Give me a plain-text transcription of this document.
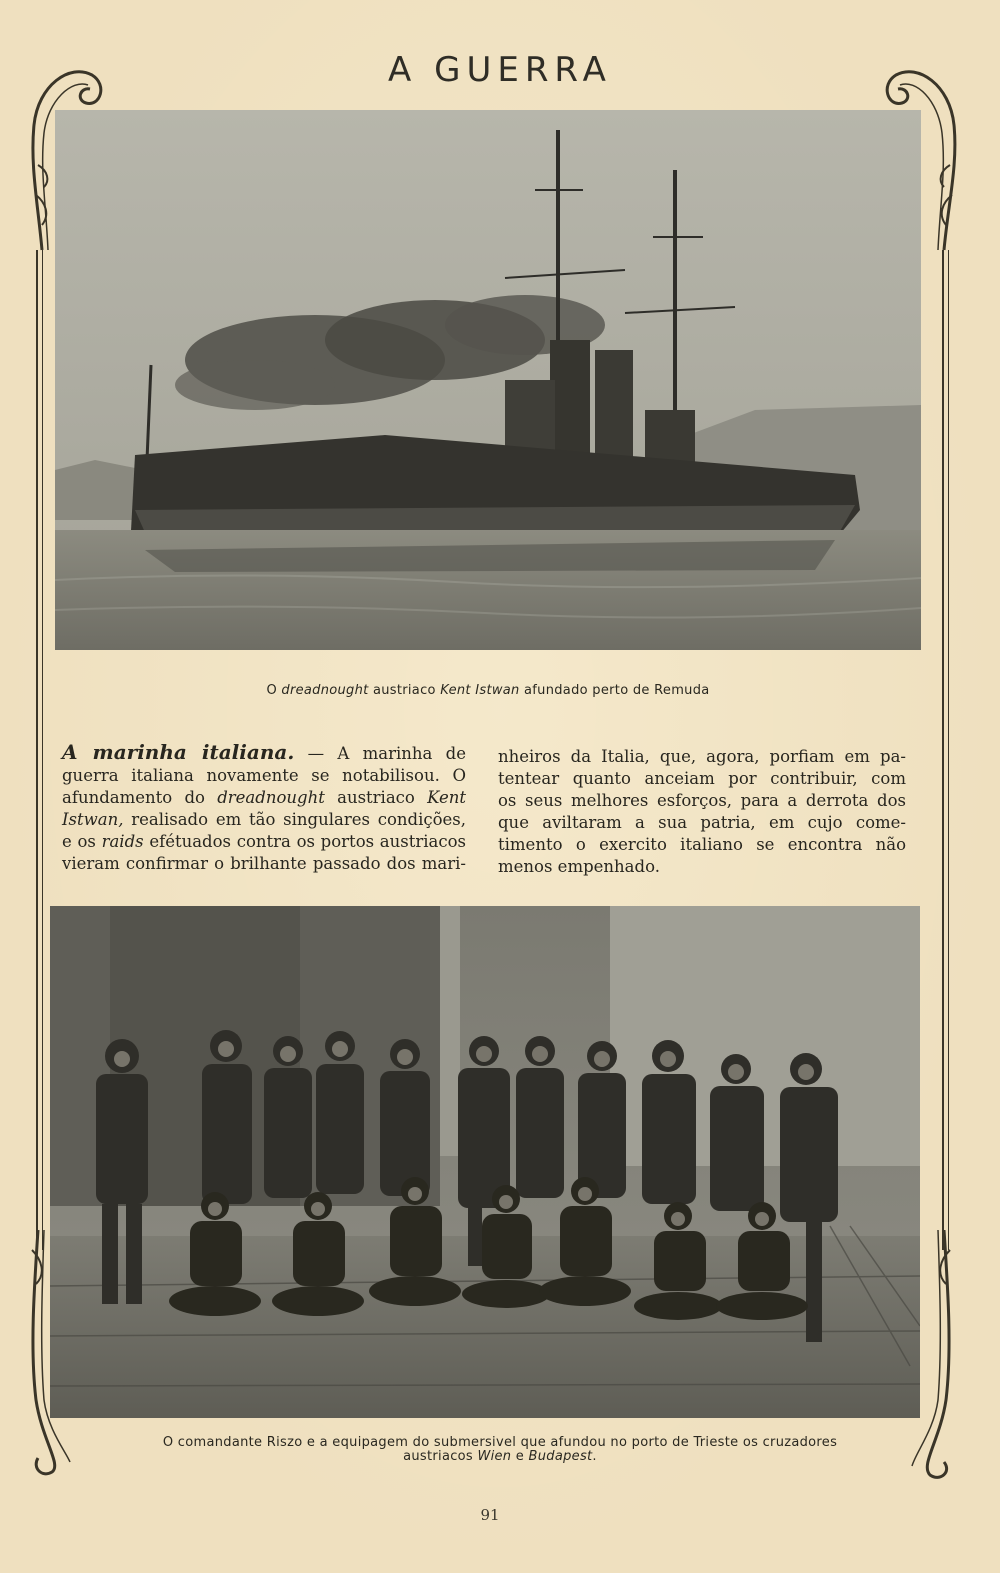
A GUERRA
O dreadnought austriaco Kent Istwan afundado perto de Remuda
A marinha italiana. — A marinha de
guerra italiana novamente se notabilisou. O
afundamento do dreadnought austriaco Kent
Istwan, realisado em tão singulares condições,
e os raids efétuados contra os portos austriacos
vieram confirmar o brilhante passado dos mari-
nheiros da Italia, que, agora, porfiam em pa-
tentear quanto anceiam por contribuir, com
os seus melhores esforços, para a derrota dos
que aviltaram a sua patria, em cujo come-
timento o exercito italiano se encontra não
menos empenhado.
O comandante Riszo e a equipagem do submersivel que afundou no porto de Trieste os cruzadores
austriacos Wien e Budapest.
91
